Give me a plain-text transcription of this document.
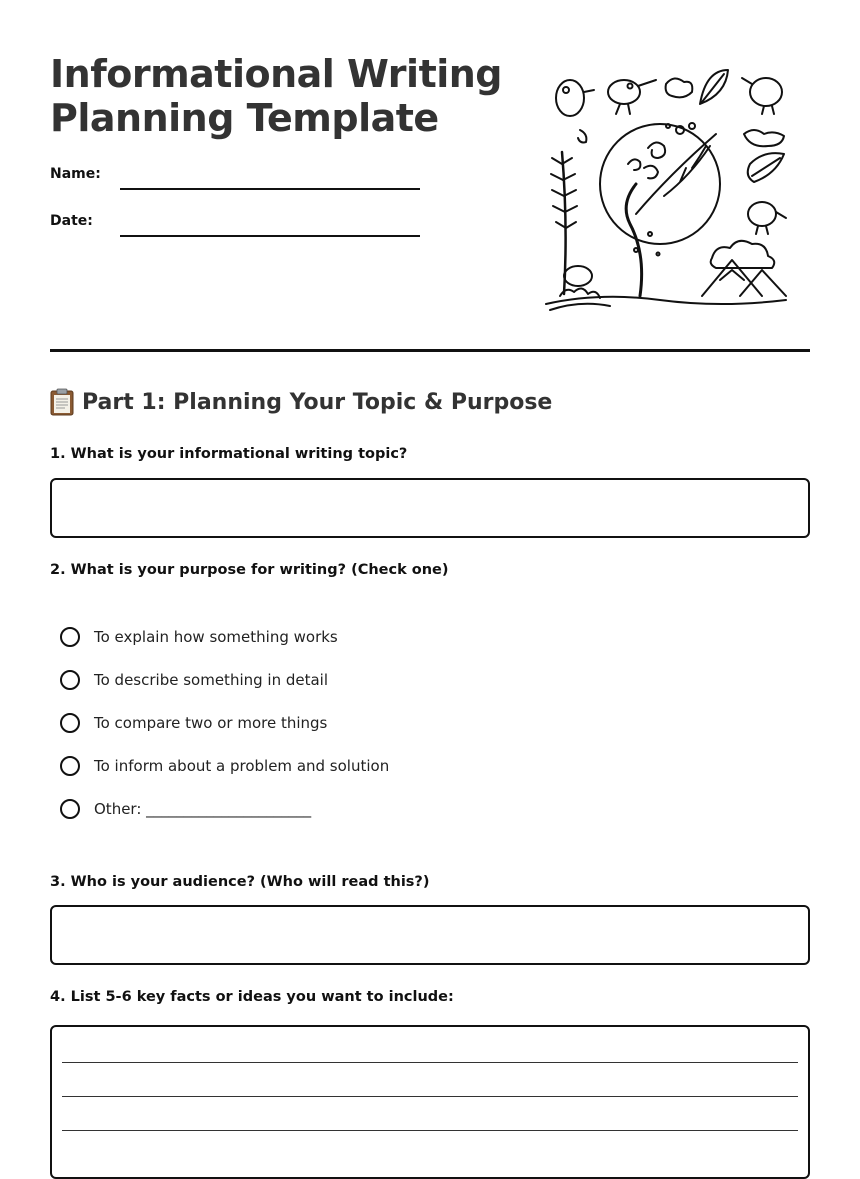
Informational Writing
Planning Template
Name:
Date:
Part 1: Planning Your Topic & Purpose
1. What is your informational writing topic?
2. What is your purpose for writing? (Check one)
To explain how something works
To describe something in detail
To compare two or more things
To inform about a problem and solution
Other: ______________________
3. Who is your audience? (Who will read this?)
4. List 5-6 key facts or ideas you want to include:
